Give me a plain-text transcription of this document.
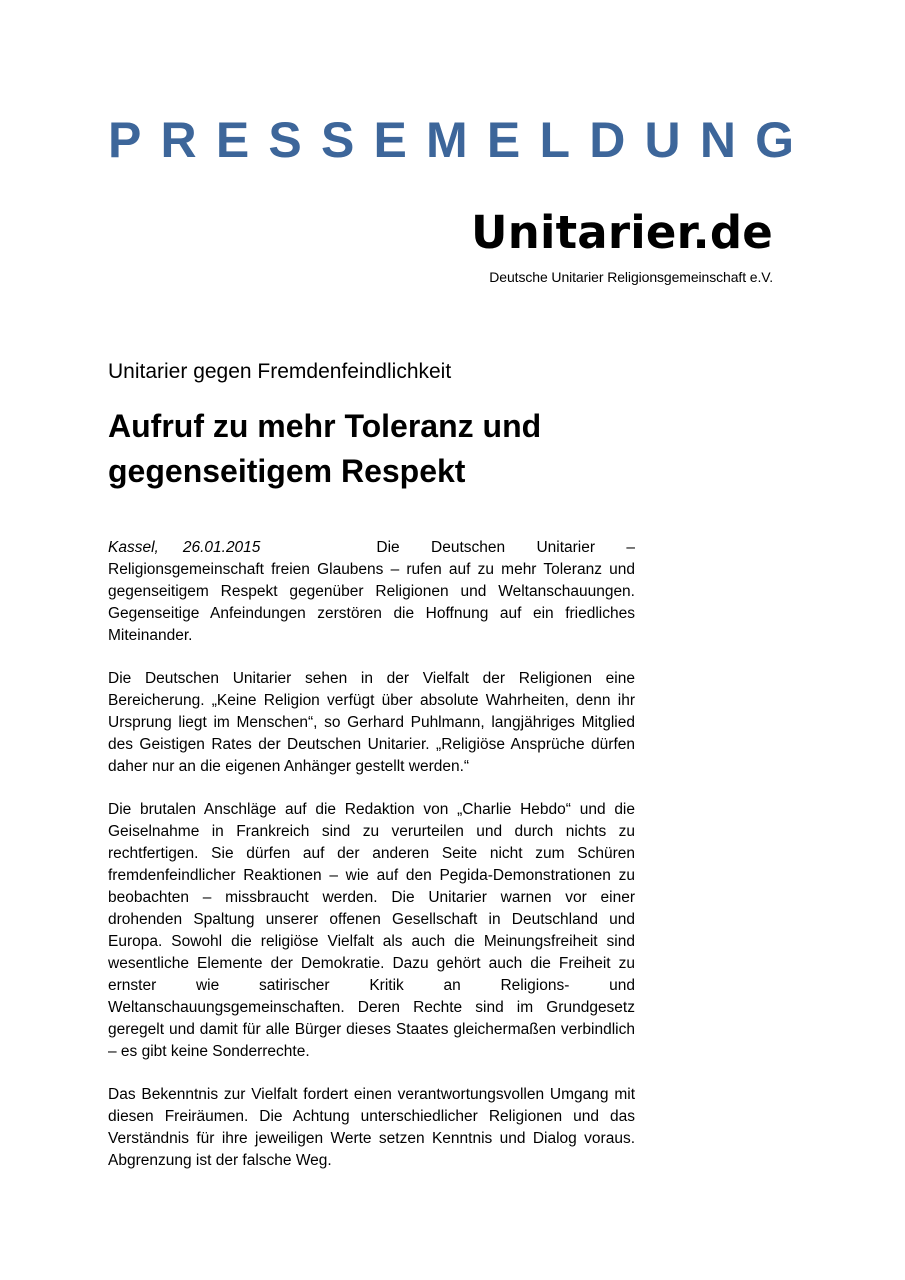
PRESSEMELDUNG
Unitarier.de
Deutsche Unitarier Religionsgemeinschaft e.V.
Unitarier gegen Fremdenfeindlichkeit
Aufruf zu mehr Toleranz und gegenseitigem Respekt

Kassel, 26.01.2015	Die Deutschen Unitarier – Religionsgemeinschaft freien Glaubens – rufen auf zu mehr Toleranz und gegenseitigem Respekt gegenüber Religionen und Weltanschauungen. Gegenseitige Anfeindungen zerstören die Hoffnung auf ein friedliches Miteinander.

Die Deutschen Unitarier sehen in der Vielfalt der Religionen eine Bereicherung. „Keine Religion verfügt über absolute Wahrheiten, denn ihr Ursprung liegt im Menschen“, so Gerhard Puhlmann, langjähriges Mitglied des Geistigen Rates der Deutschen Unitarier. „Religiöse Ansprüche dürfen daher nur an die eigenen Anhänger gestellt werden.“

Die brutalen Anschläge auf die Redaktion von „Charlie Hebdo“ und die Geiselnahme in Frankreich sind zu verurteilen und durch nichts zu rechtfertigen. Sie dürfen auf der anderen Seite nicht zum Schüren fremdenfeindlicher Reaktionen – wie auf den Pegida-Demonstrationen zu beobachten – missbraucht werden. Die Unitarier warnen vor einer drohenden Spaltung unserer offenen Gesellschaft in Deutschland und Europa. Sowohl die religiöse Vielfalt als auch die Meinungsfreiheit sind wesentliche Elemente der Demokratie. Dazu gehört auch die Freiheit zu ernster wie satirischer Kritik an Religions- und Weltanschauungsgemeinschaften. Deren Rechte sind im Grundgesetz geregelt und damit für alle Bürger dieses Staates gleichermaßen verbindlich – es gibt keine Sonderrechte.

Das Bekenntnis zur Vielfalt fordert einen verantwortungsvollen Umgang mit diesen Freiräumen. Die Achtung unterschiedlicher Religionen und das Verständnis für ihre jeweiligen Werte setzen Kenntnis und Dialog voraus. Abgrenzung ist der falsche Weg.
